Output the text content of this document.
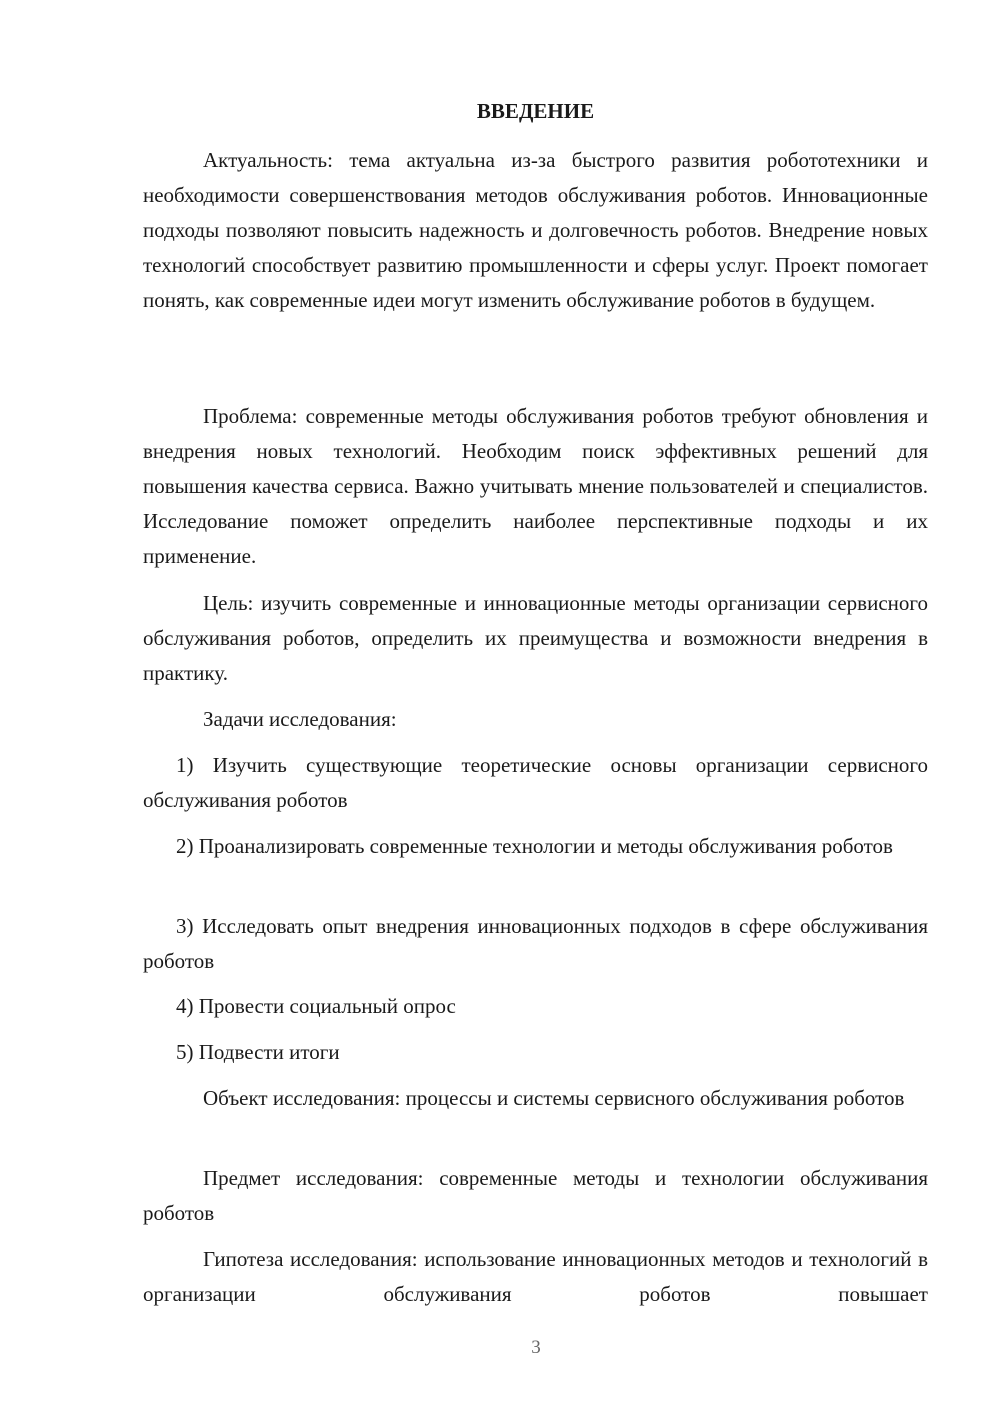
ВВЕДЕНИЕ

Актуальность: тема актуальна из-за быстрого развития робототехники и необходимости совершенствования методов обслуживания роботов. Инновационные подходы позволяют повысить надежность и долговечность роботов. Внедрение новых технологий способствует развитию промышленности и сферы услуг. Проект помогает понять, как современные идеи могут изменить обслуживание роботов в будущем.

Проблема: современные методы обслуживания роботов требуют обновления и внедрения новых технологий. Необходим поиск эффективных решений для повышения качества сервиса. Важно учитывать мнение пользователей и специалистов. Исследование поможет определить наиболее перспективные подходы и их применение.

Цель: изучить современные и инновационные методы организации сервисного обслуживания роботов, определить их преимущества и возможности внедрения в практику.

Задачи исследования:

1) Изучить существующие теоретические основы организации сервисного обслуживания роботов

2) Проанализировать современные технологии и методы обслуживания роботов

3) Исследовать опыт внедрения инновационных подходов в сфере обслуживания роботов

4) Провести социальный опрос

5) Подвести итоги

Объект исследования: процессы и системы сервисного обслуживания роботов

Предмет исследования: современные методы и технологии обслуживания роботов

Гипотеза исследования: использование инновационных методов и технологий в организации обслуживания роботов повышает

3
